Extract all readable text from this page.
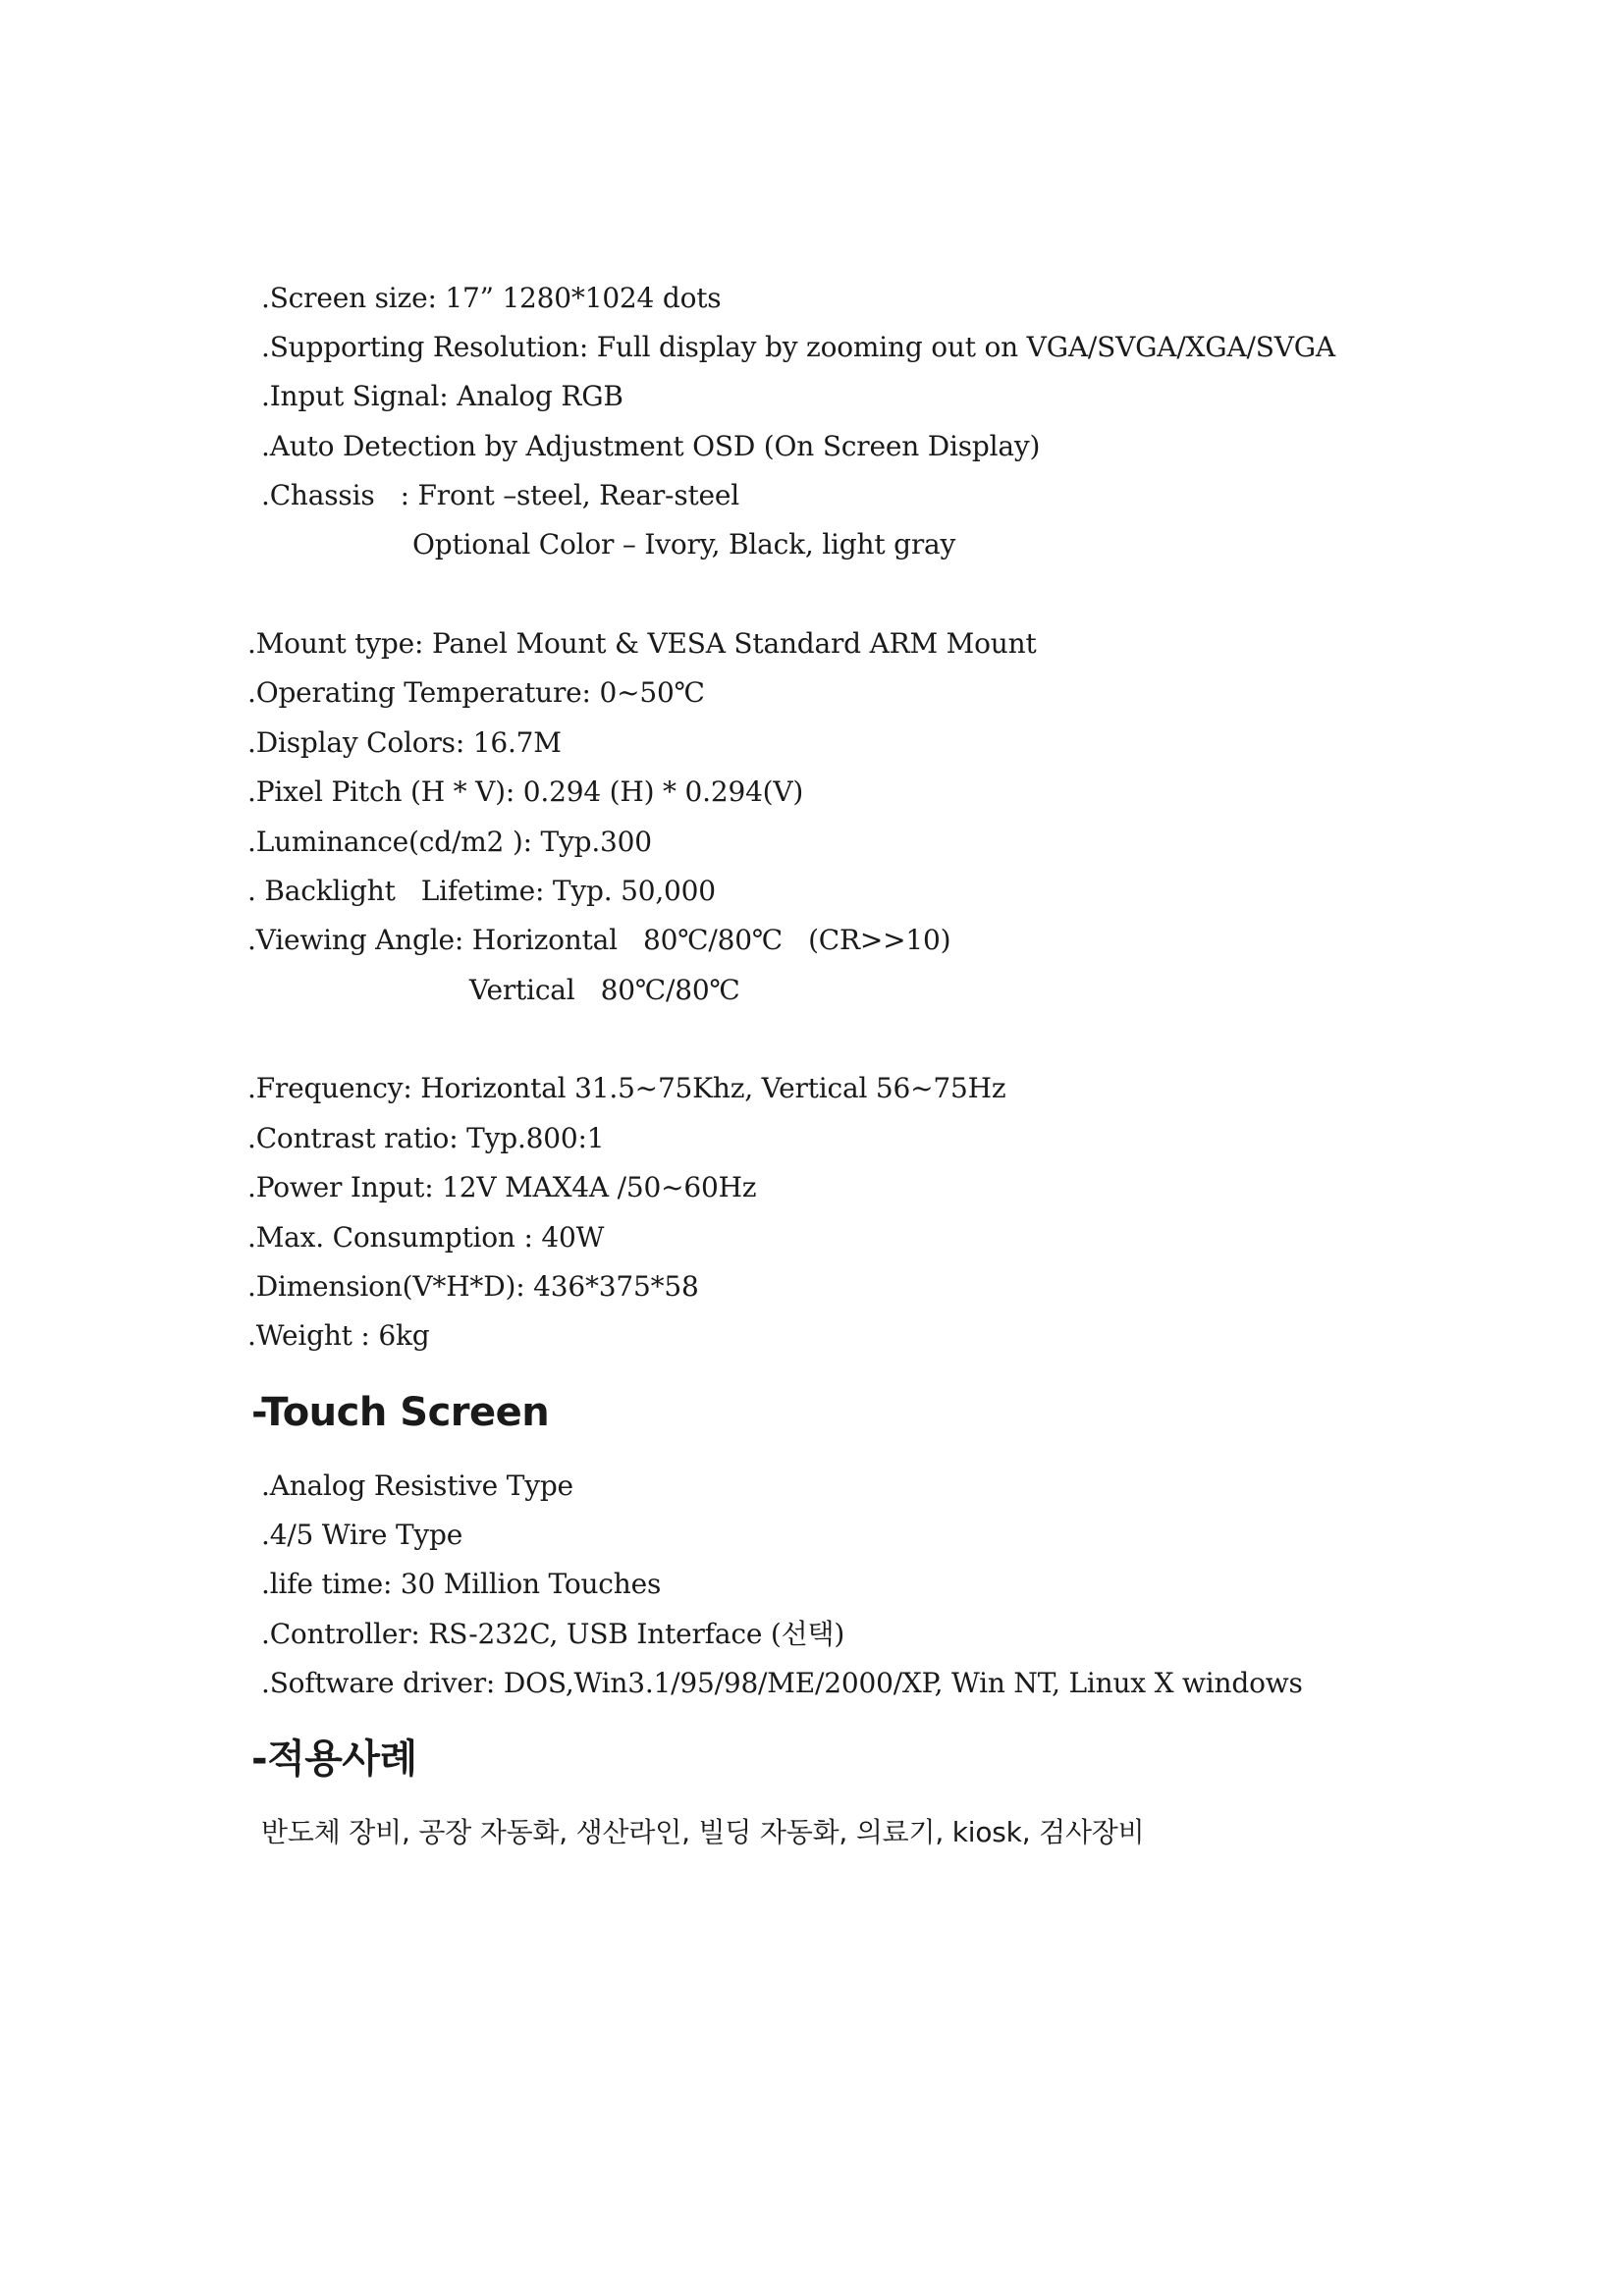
.Screen size: 17” 1280*1024 dots
.Supporting Resolution: Full display by zooming out on VGA/SVGA/XGA/SVGA
.Input Signal: Analog RGB
.Auto Detection by Adjustment OSD (On Screen Display)
.Chassis   : Front –steel, Rear-steel
Optional Color – Ivory, Black, light gray
.Mount type: Panel Mount & VESA Standard ARM Mount
.Operating Temperature: 0~50℃
.Display Colors: 16.7M
.Pixel Pitch (H * V): 0.294 (H) * 0.294(V)
.Luminance(cd/m2 ): Typ.300
. Backlight   Lifetime: Typ. 50,000
.Viewing Angle: Horizontal   80℃/80℃   (CR>>10)
Vertical   80℃/80℃
.Frequency: Horizontal 31.5~75Khz, Vertical 56~75Hz
.Contrast ratio: Typ.800:1
.Power Input: 12V MAX4A /50~60Hz
.Max. Consumption : 40W
.Dimension(V*H*D): 436*375*58
.Weight : 6kg
-Touch Screen
.Analog Resistive Type
.4/5 Wire Type
.life time: 30 Million Touches
.Controller: RS-232C, USB Interface (선택)
.Software driver: DOS,Win3.1/95/98/ME/2000/XP, Win NT, Linux X windows
-적용사례
반도체 장비, 공장 자동화, 생산라인, 빌딩 자동화, 의료기, kiosk, 검사장비
